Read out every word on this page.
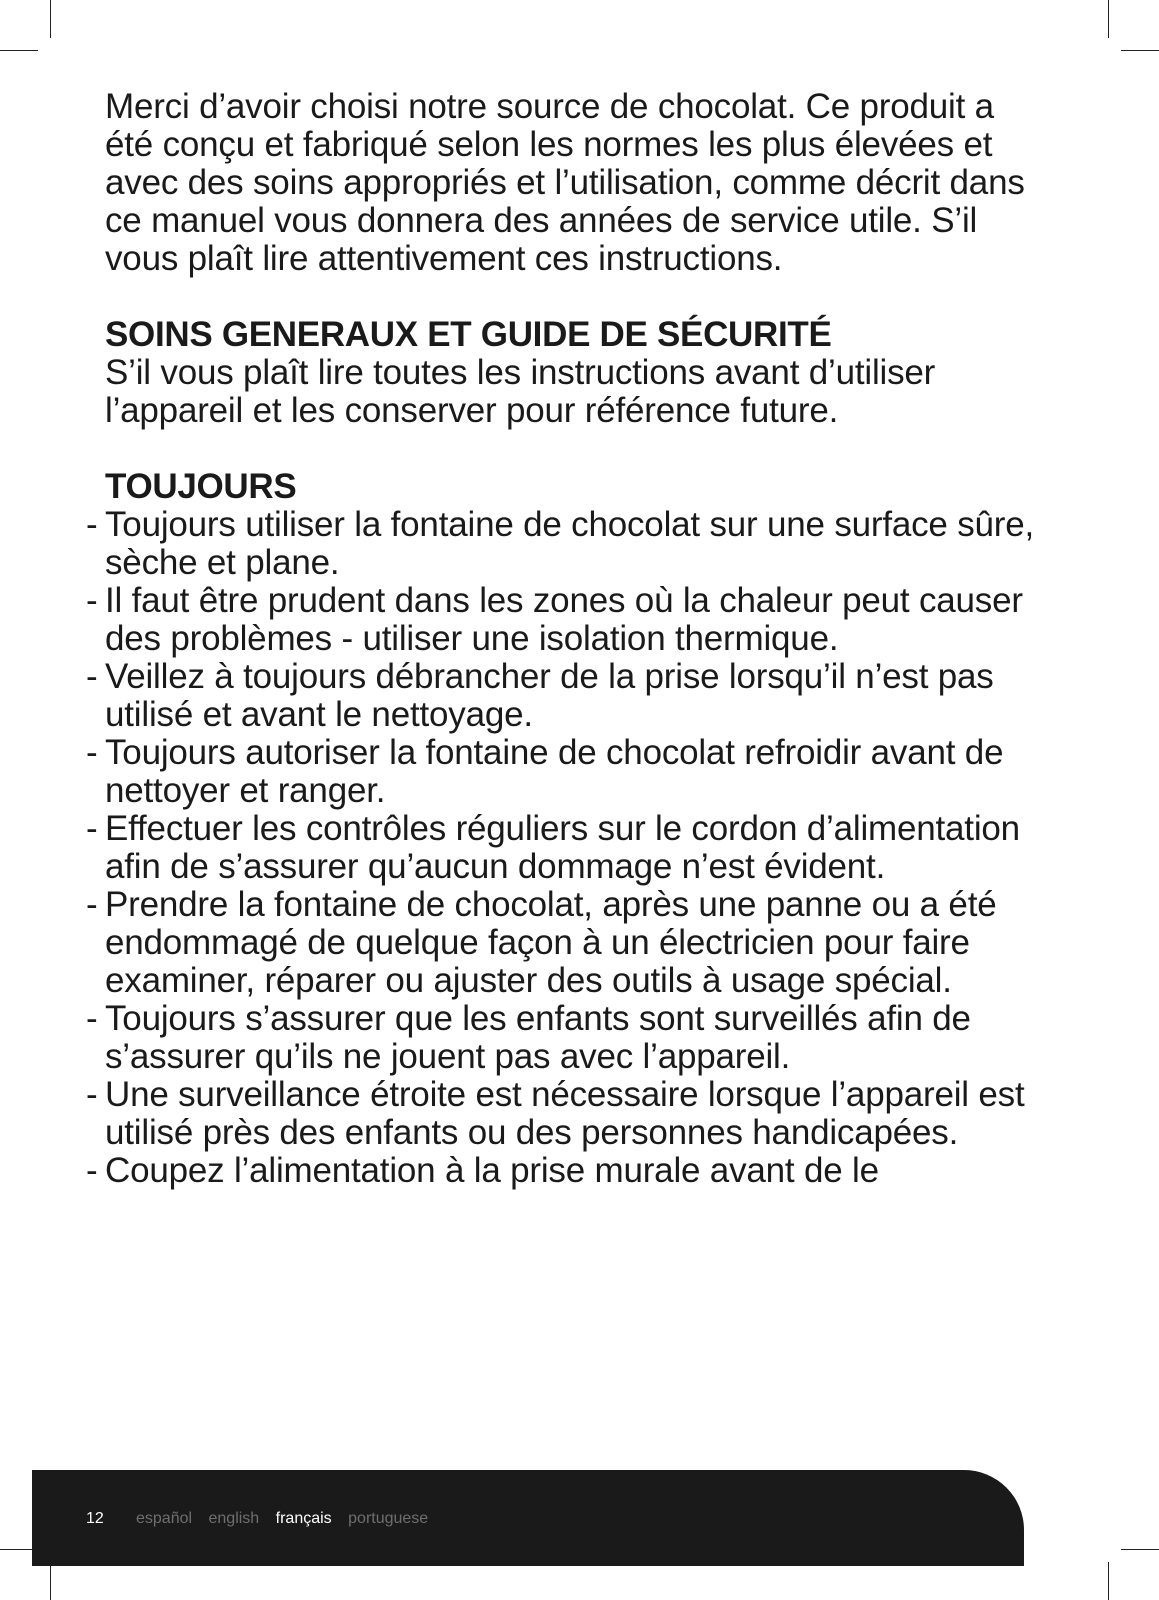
Merci d’avoir choisi notre source de chocolat. Ce produit a été conçu et fabriqué selon les normes les plus élevées et avec des soins appropriés et l’utilisation, comme décrit dans ce manuel vous donnera des années de service utile. S’il vous plaît lire attentivement ces instructions.

SOINS GENERAUX ET GUIDE DE SÉCURITÉ

S’il vous plaît lire toutes les instructions avant d’utiliser l’appareil et les conserver pour référence future.

TOUJOURS
- Toujours utiliser la fontaine de chocolat sur une surface sûre, sèche et plane.
- Il faut être prudent dans les zones où la chaleur peut causer des problèmes - utiliser une isolation thermique.
- Veillez à toujours débrancher de la prise lorsqu’il n’est pas utilisé et avant le nettoyage.
- Toujours autoriser la fontaine de chocolat refroidir avant de nettoyer et ranger.
- Effectuer les contrôles réguliers sur le cordon d’alimentation afin de s’assurer qu’aucun dommage n’est évident.
- Prendre la fontaine de chocolat, après une panne ou a été endommagé de quelque façon à un électricien pour faire examiner, réparer ou ajuster des outils à usage spécial.
- Toujours s’assurer que les enfants sont surveillés afin de s’assurer qu’ils ne jouent pas avec l’appareil.
- Une surveillance étroite est nécessaire lorsque l’appareil est utilisé près des enfants ou des personnes handicapées.
- Coupez l’alimentation à la prise murale avant de le
12 español english français portuguese
